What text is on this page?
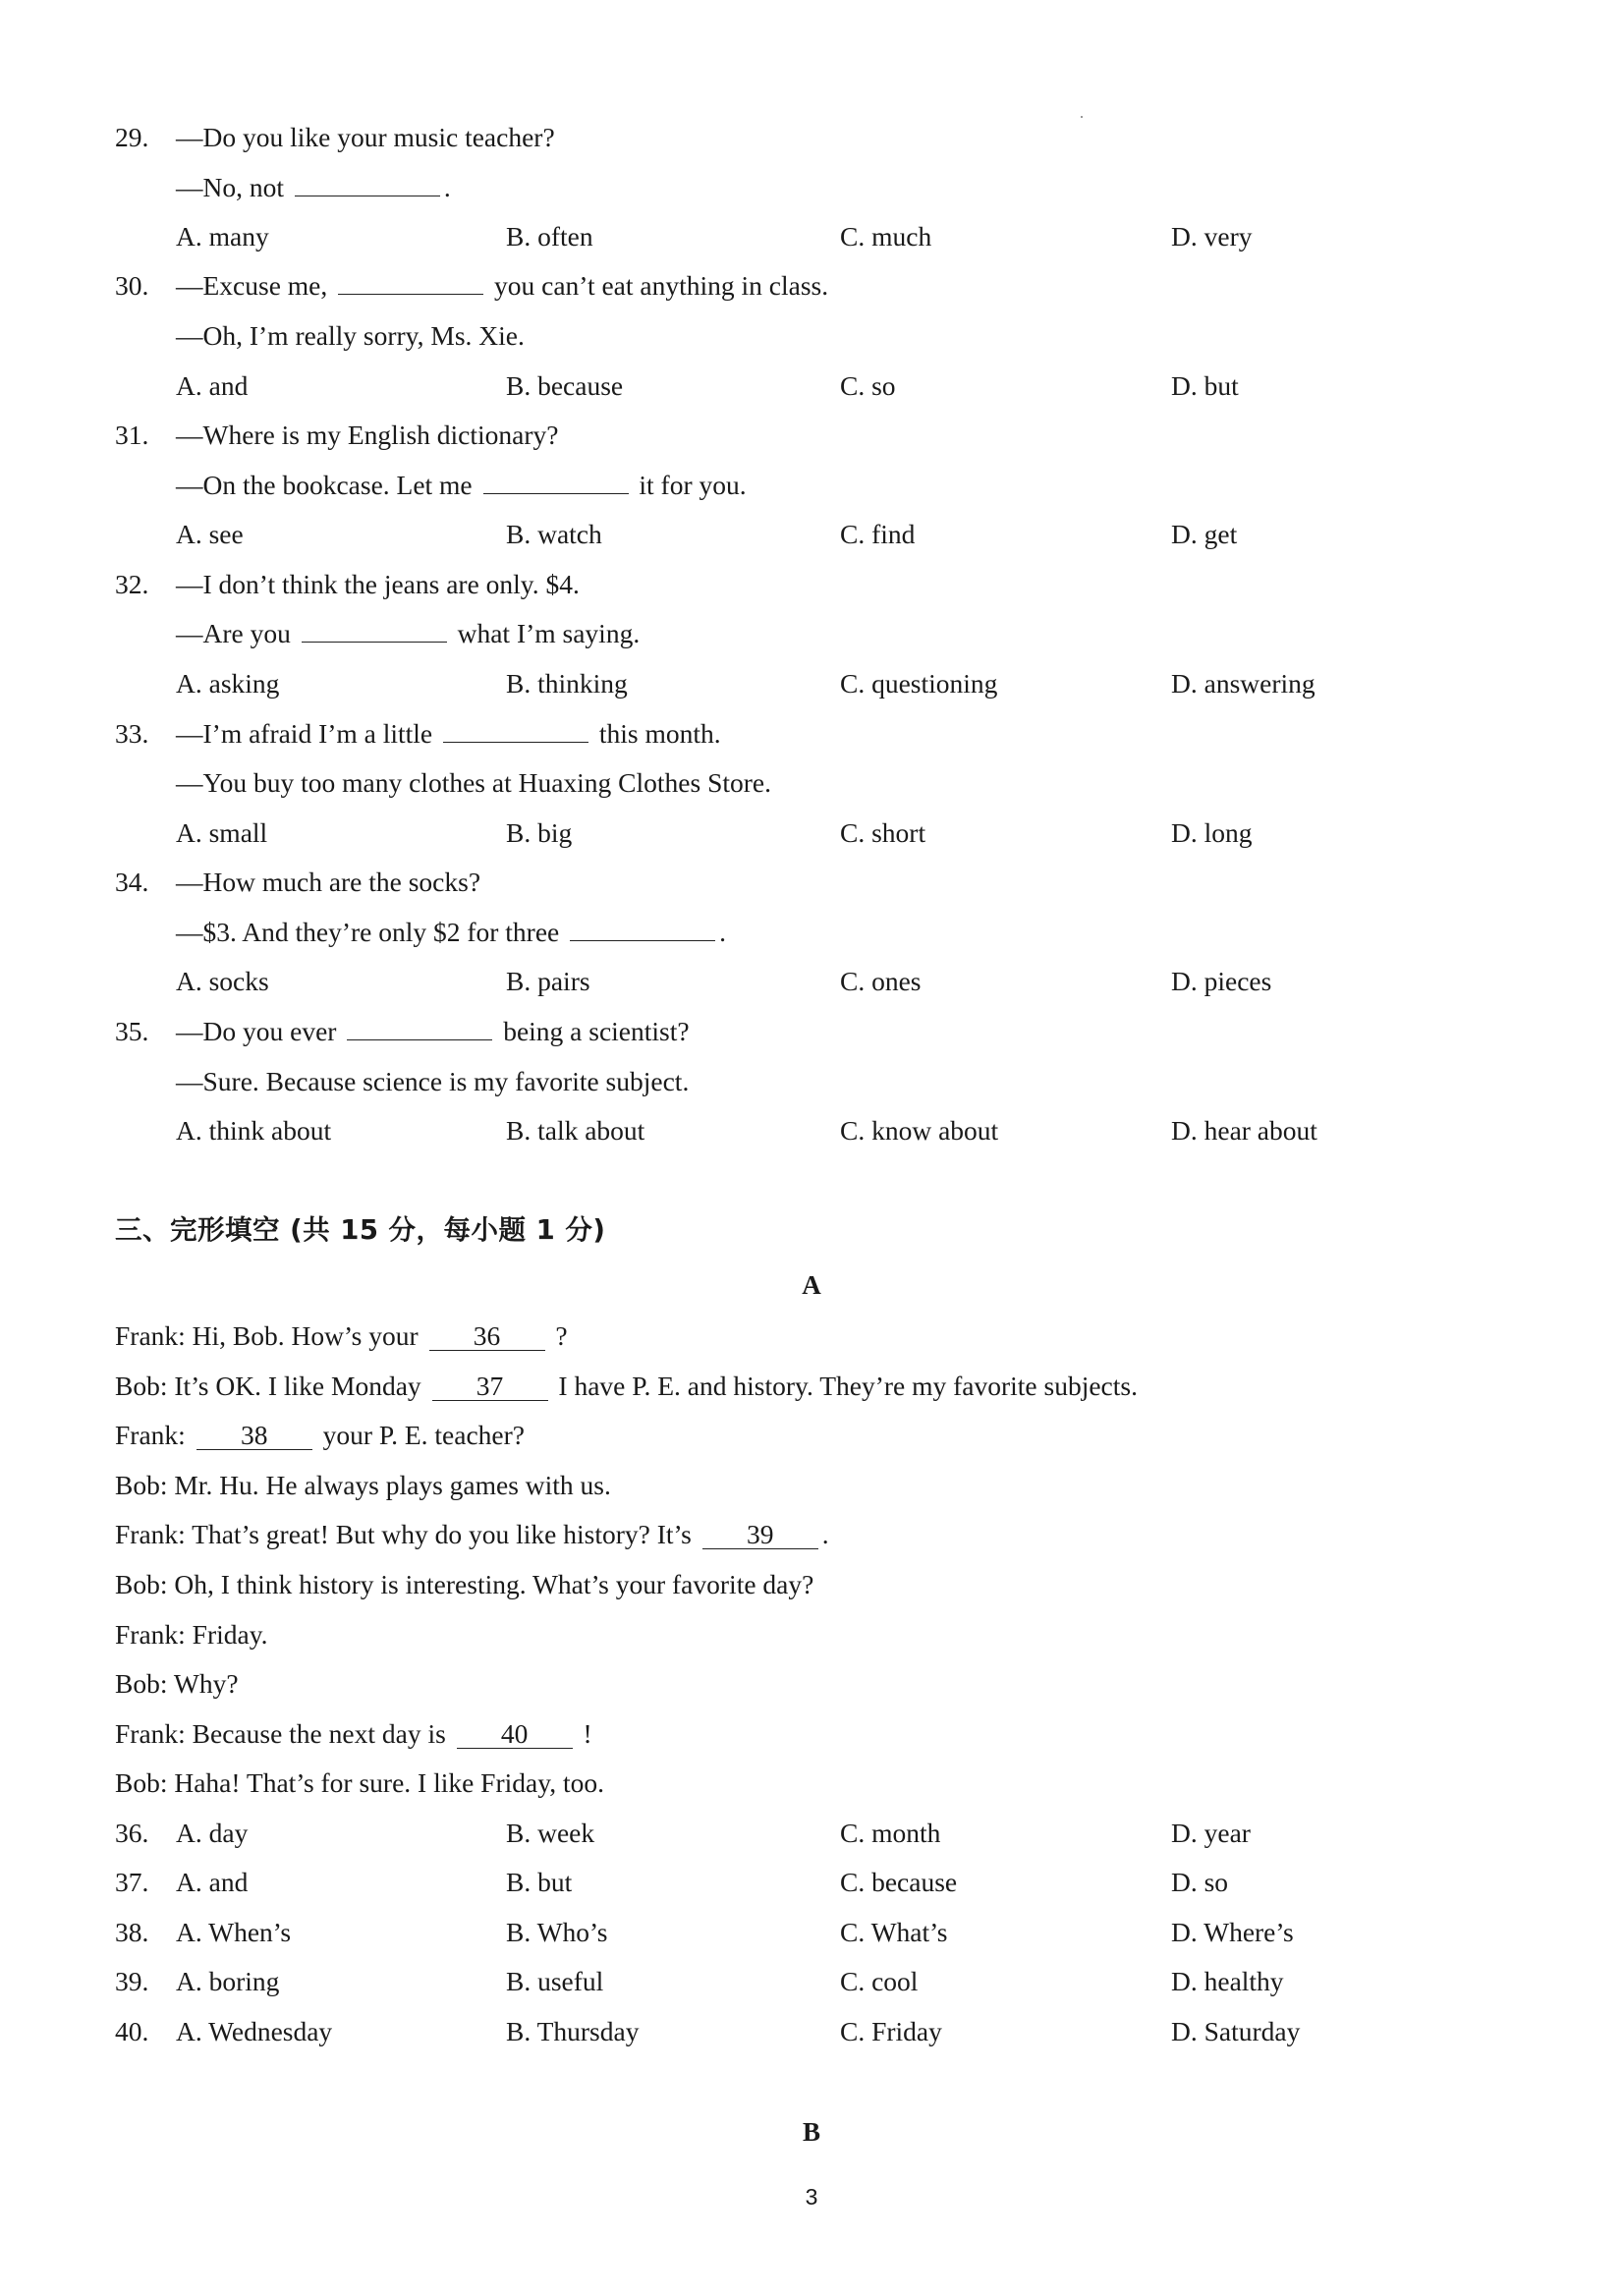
29. —Do you like your music teacher?
—No, not	.
A. many	B. often	C. much	D. very
30. —Excuse me,	you can’t eat anything in class.
—Oh, I’m really sorry, Ms. Xie.
A. and	B. because	C. so	D. but
31. —Where is my English dictionary?
—On the bookcase. Let me	it for you.
A. see	B. watch	C. find	D. get
32. —I don’t think the jeans are only. $4.
—Are you	what I’m saying.
A. asking	B. thinking	C. questioning	D. answering
33. —I’m afraid I’m a little	this month.
—You buy too many clothes at Huaxing Clothes Store.
A. small	B. big	C. short	D. long
34. —How much are the socks?
—$3. And they’re only $2 for three	.
A. socks	B. pairs	C. ones	D. pieces
35. —Do you ever	being a scientist?
—Sure. Because science is my favorite subject.
A. think about	B. talk about	C. know about	D. hear about
三、完形填空 (共 15 分，每小题 1 分)
A
Frank: Hi, Bob. How’s your 36 ?
Bob: It’s OK. I like Monday 37 I have P. E. and history. They’re my favorite subjects.
Frank: 38 your P. E. teacher?
Bob: Mr. Hu. He always plays games with us.
Frank: That’s great! But why do you like history? It’s 39 .
Bob: Oh, I think history is interesting. What’s your favorite day?
Frank: Friday.
Bob: Why?
Frank: Because the next day is 40 !
Bob: Haha! That’s for sure. I like Friday, too.
36. A. day	B. week	C. month	D. year
37. A. and	B. but	C. because	D. so
38. A. When’s	B. Who’s	C. What’s	D. Where’s
39. A. boring	B. useful	C. cool	D. healthy
40. A. Wednesday	B. Thursday	C. Friday	D. Saturday
B
3
